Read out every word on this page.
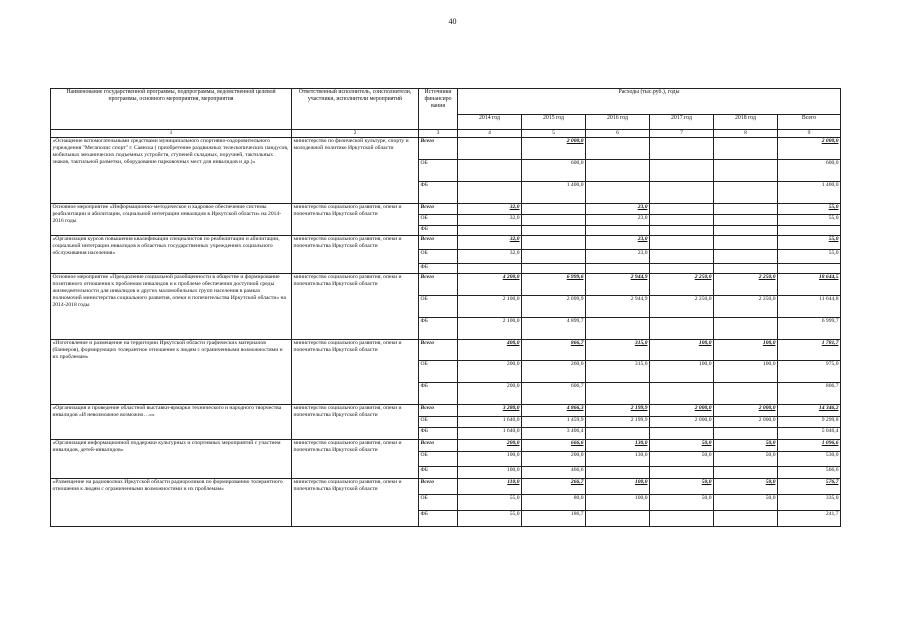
40
Наименование государственной программы, подпрограммы, ведомственной целевой программы, основного мероприятия, мероприятия	Ответственный исполнитель, соисполнители, участники, исполнители мероприятий	Источники финансиро вания	Расходы (тыс.руб.), годы					
			2014 год	2015 год	2016 год	2017 год	2018 год	Всего
1	2	3	4	5	6	7	8	9
«Оснащение вспомогательными средствами муниципального спортивно-оздоровительного учреждения "Мегаполис спорт" г. Саянска ( приобретение раздвижных телескопических пандусов, мобильных механических подъемных устройств, ступеней складных, поручней, тактильных знаков, тактильной разметки, оборудование парковочных мест для инвалидов и др.)»	министерство по физической культуре, спорту и молодежной политике Иркутской области	Всего		2 000,0				2 000,0
		ОБ		600,0				600,0
		ФБ		1 400,0				1 400,0
Основное мероприятие «Информационно-методическое и кадровое обеспечение системы реабилитации и абилитации, социальной интеграции инвалидов в Иркутской области» на 2014-2016 годы	министерство социального развития, опеки и попечительства Иркутской области	Всего	32,0		23,0			55,0
		ОБ	32,0		23,0			55,0
		ФБ						
«Организация курсов повышения квалификации специалистов по реабилитации и абилитации, социальной интеграции инвалидов в областных государственных учреждениях социального обслуживания населения»	министерство социального развития, опеки и попечительства Иркутской области	Всего	32,0		23,0			55,0
		ОБ	32,0		23,0			55,0
		ФБ						
Основное мероприятие «Преодоление социальной разобщенности в обществе и формирование позитивного отношения к проблемам инвалидов и к проблеме обеспечения доступной среды жизнедеятельности для инвалидов и других маломобильных групп населения в рамках полномочий министерства социального развития, опеки и попечительства Иркутской области» на 2014-2018 годы	министерство социального развития, опеки и попечительства Иркутской области	Всего	4 200,0	6 999,6	2 944,9	2 250,0	2 250,0	18 644,5
		ОБ	2 100,0	2 099,9	2 944,9	2 250,0	2 250,0	11 644,8
		ФБ	2 100,0	4 899,7				6 999,7
«Изготовление и размещение на территории Иркутской области графических материалов (баннеров), формирующих толерантное отношение к людям с ограниченными возможностями и их проблемам»	министерство социального развития, опеки и попечительства Иркутской области	Всего	400,0	866,7	315,0	100,0	100,0	1 781,7
		ОБ	200,0	260,0	315,0	100,0	100,0	975,0
		ФБ	200,0	606,7				806,7
«Организация и проведение областной выставки-ярмарки технического и народного творчества инвалидов «И невозможное возможно…»»	министерство социального развития, опеки и попечительства Иркутской области	Всего	3 280,0	4 866,3	2 199,9	2 000,0	2 000,0	14 346,2
		ОБ	1 640,0	1 459,9	2 199,9	2 000,0	2 000,0	9 299,8
		ФБ	1 640,0	3 406,4				5 046,4
«Организация информационной поддержки культурных и спортивных мероприятий с участием инвалидов, детей-инвалидов»	министерство социального развития, опеки и попечительства Иркутской области	Всего	200,0	666,6	130,0	50,0	50,0	1 096,6
		ОБ	100,0	200,0	130,0	50,0	50,0	530,0
		ФБ	100,0	466,6				566,6
«Размещение на радиоволнах Иркутской области радиороликов по формированию толерантного отношения к людям с ограниченными возможностями и их проблемам»	министерство социального развития, опеки и попечительства Иркутской области	Всего	110,0	266,7	100,0	50,0	50,0	576,7
		ОБ	55,0	80,0	100,0	50,0	50,0	335,0
		ФБ	55,0	186,7				241,7
